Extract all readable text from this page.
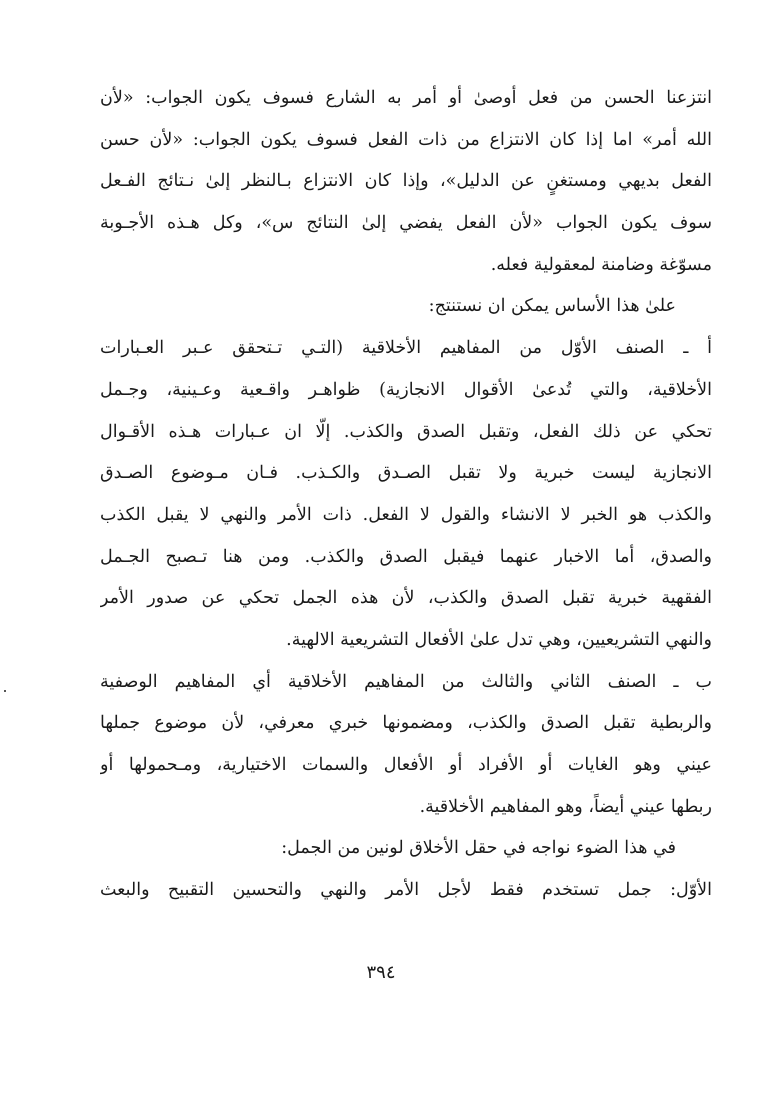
انتزعنا الحسن من فعل أوصىٰ أو أمر به الشارع فسوف يكون الجواب: «لأن
الله أمر» اما إذا كان الانتزاع من ذات الفعل فسوف يكون الجواب: «لأن حسن
الفعل بديهي ومستغنٍ عن الدليل»، وإذا كان الانتزاع بـالنظر إلىٰ نـتائج الفـعل
سوف يكون الجواب «لأن الفعل يفضي إلىٰ النتائج س»، وكل هـذه الأجـوبة
مسوّغة وضامنة لمعقولية فعله.
علىٰ هذا الأساس يمكن ان نستنتج:
أ ـ الصنف الأوّل من المفاهيم الأخلاقية (التـي تـتحقق عـبر العـبارات
الأخلاقية، والتي تُدعىٰ الأقوال الانجازية) ظواهـر واقـعية وعـينية، وجـمل
تحكي عن ذلك الفعل، وتقبل الصدق والكذب. إلّا ان عـبارات هـذه الأقـوال
الانجازية ليست خبرية ولا تقبل الصـدق والكـذب. فـان مـوضوع الصـدق
والكذب هو الخبر لا الانشاء والقول لا الفعل. ذات الأمر والنهي لا يقبل الكذب
والصدق، أما الاخبار عنهما فيقبل الصدق والكذب. ومن هنا تـصبح الجـمل
الفقهية خبرية تقبل الصدق والكذب، لأن هذه الجمل تحكي عن صدور الأمر
والنهي التشريعيين، وهي تدل علىٰ الأفعال التشريعية الالهية.
ب ـ الصنف الثاني والثالث من المفاهيم الأخلاقية أي المفاهيم الوصفية
والربطية تقبل الصدق والكذب، ومضمونها خبري معرفي، لأن موضوع جملها
عيني وهو الغايات أو الأفراد أو الأفعال والسمات الاختيارية، ومـحمولها أو
ربطها عيني أيضاً، وهو المفاهيم الأخلاقية.
في هذا الضوء نواجه في حقل الأخلاق لونين من الجمل:
الأوّل: جمل تستخدم فقط لأجل الأمر والنهي والتحسين التقبيح والبعث
٣٩٤
